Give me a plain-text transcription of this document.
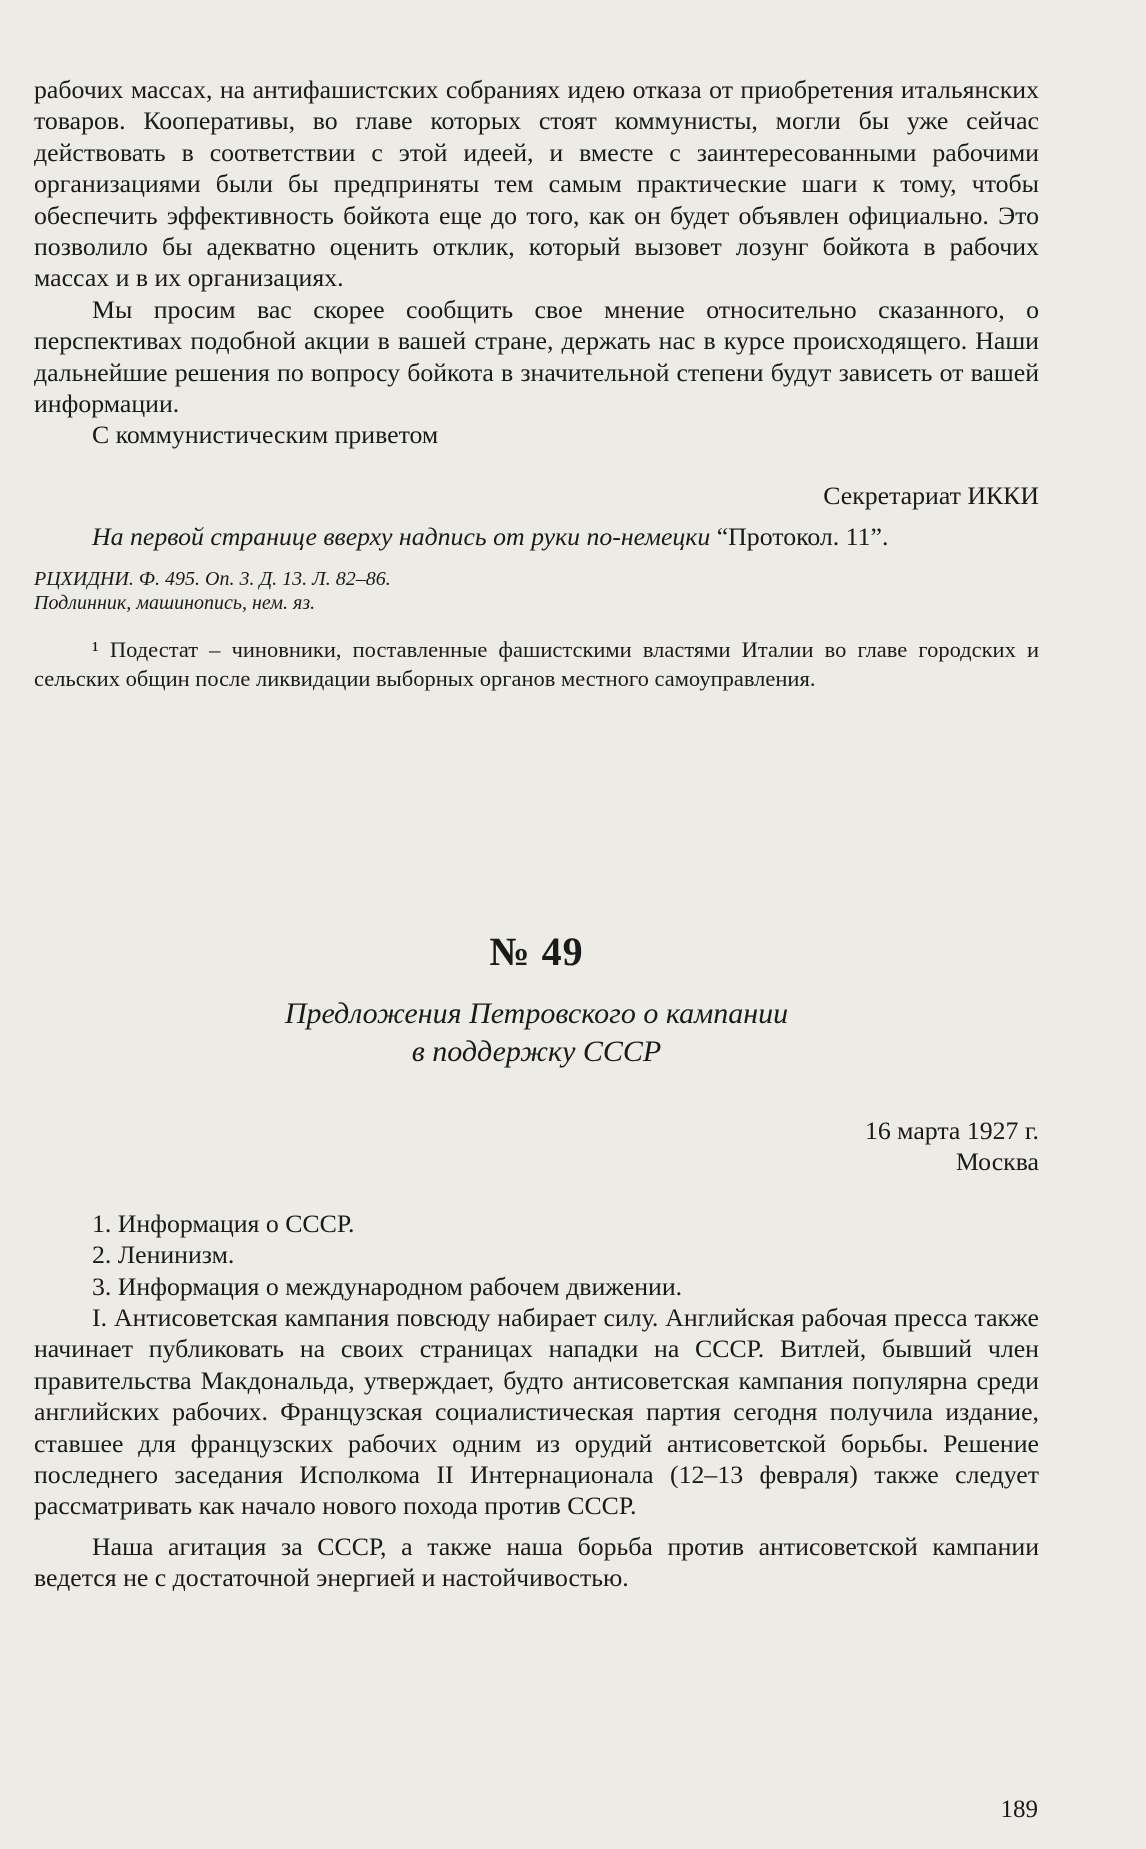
рабочих массах, на антифашистских собраниях идею отказа от приобретения итальянских товаров. Кооперативы, во главе которых стоят коммунисты, могли бы уже сейчас действовать в соответствии с этой идеей, и вместе с заинтересованными рабочими организациями были бы предприняты тем самым практические шаги к тому, чтобы обеспечить эффективность бойкота еще до того, как он будет объявлен официально. Это позволило бы адекватно оценить отклик, который вызовет лозунг бойкота в рабочих массах и в их организациях.

Мы просим вас скорее сообщить свое мнение относительно сказанного, о перспективах подобной акции в вашей стране, держать нас в курсе происходящего. Наши дальнейшие решения по вопросу бойкота в значительной степени будут зависеть от вашей информации.

С коммунистическим приветом

Секретариат ИККИ

На первой странице вверху надпись от руки по-немецки “Протокол. 11”.

РЦХИДНИ. Ф. 495. Оп. 3. Д. 13. Л. 82–86.

Подлинник, машинопись, нем. яз.

¹ Подестат – чиновники, поставленные фашистскими властями Италии во главе городских и сельских общин после ликвидации выборных органов местного самоуправления.

№ 49

Предложения Петровского о кампании

в поддержку СССР

16 марта 1927 г.

Москва

1. Информация о СССР.

2. Ленинизм.

3. Информация о международном рабочем движении.

I. Антисоветская кампания повсюду набирает силу. Английская рабочая пресса также начинает публиковать на своих страницах нападки на СССР. Витлей, бывший член правительства Макдональда, утверждает, будто антисоветская кампания популярна среди английских рабочих. Французская социалистическая партия сегодня получила издание, ставшее для французских рабочих одним из орудий антисоветской борьбы. Решение последнего заседания Исполкома II Интернационала (12–13 февраля) также следует рассматривать как начало нового похода против СССР.

Наша агитация за СССР, а также наша борьба против антисоветской кампании ведется не с достаточной энергией и настойчивостью.

189
